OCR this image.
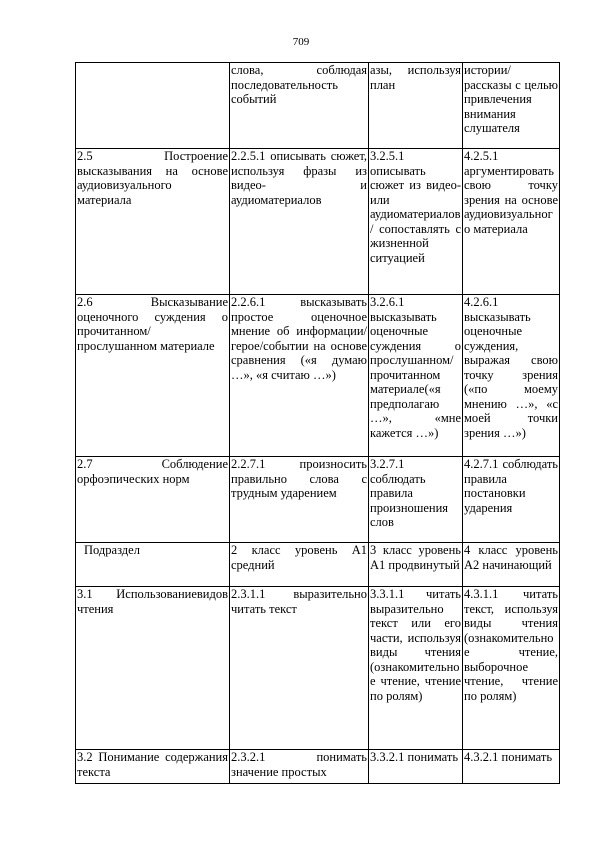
709
	слова, соблюдая последовательность событий	азы, используя план	истории/рассказы с целью привлечения внимания слушателя
2.5 Построение высказывания на основе аудиовизуального материала	2.2.5.1 описывать сюжет, используя фразы из видео- и аудиоматериалов	3.2.5.1 описывать сюжет из видео- или аудиоматериалов/ сопоставлять с жизненной ситуацией	4.2.5.1 аргументировать свою точку зрения на основе аудиовизуального материала
2.6 Высказывание оценочного суждения о прочитанном/ прослушанном материале	2.2.6.1 высказывать простое оценочное мнение об информации/герое/событии на основе сравнения («я думаю …», «я считаю …»)	3.2.6.1 высказывать оценочные суждения о прослушанном/ прочитанном материале(«я предполагаю …», «мне кажется …»)	4.2.6.1 высказывать оценочные суждения, выражая свою точку зрения («по моему мнению …», «с моей точки зрения …»)
2.7 Соблюдение орфоэпических норм	2.2.7.1 произносить правильно слова с трудным ударением	3.2.7.1 соблюдать правила произношения слов	4.2.7.1 соблюдать правила постановки ударения
Подраздел	2 класс уровень А1 средний	3 класс уровень А1 продвинутый	4 класс уровень А2 начинающий
3.1 Использованиевидов чтения	2.3.1.1 выразительно читать текст	3.3.1.1 читать выразительно текст или его части, используя виды чтения (ознакомительное чтение, чтение по ролям)	4.3.1.1 читать текст, используя виды чтения (ознакомительное чтение, выборочное чтение, чтение по ролям)
3.2 Понимание содержания текста	2.3.2.1 понимать значение простых	3.3.2.1 понимать	4.3.2.1 понимать
